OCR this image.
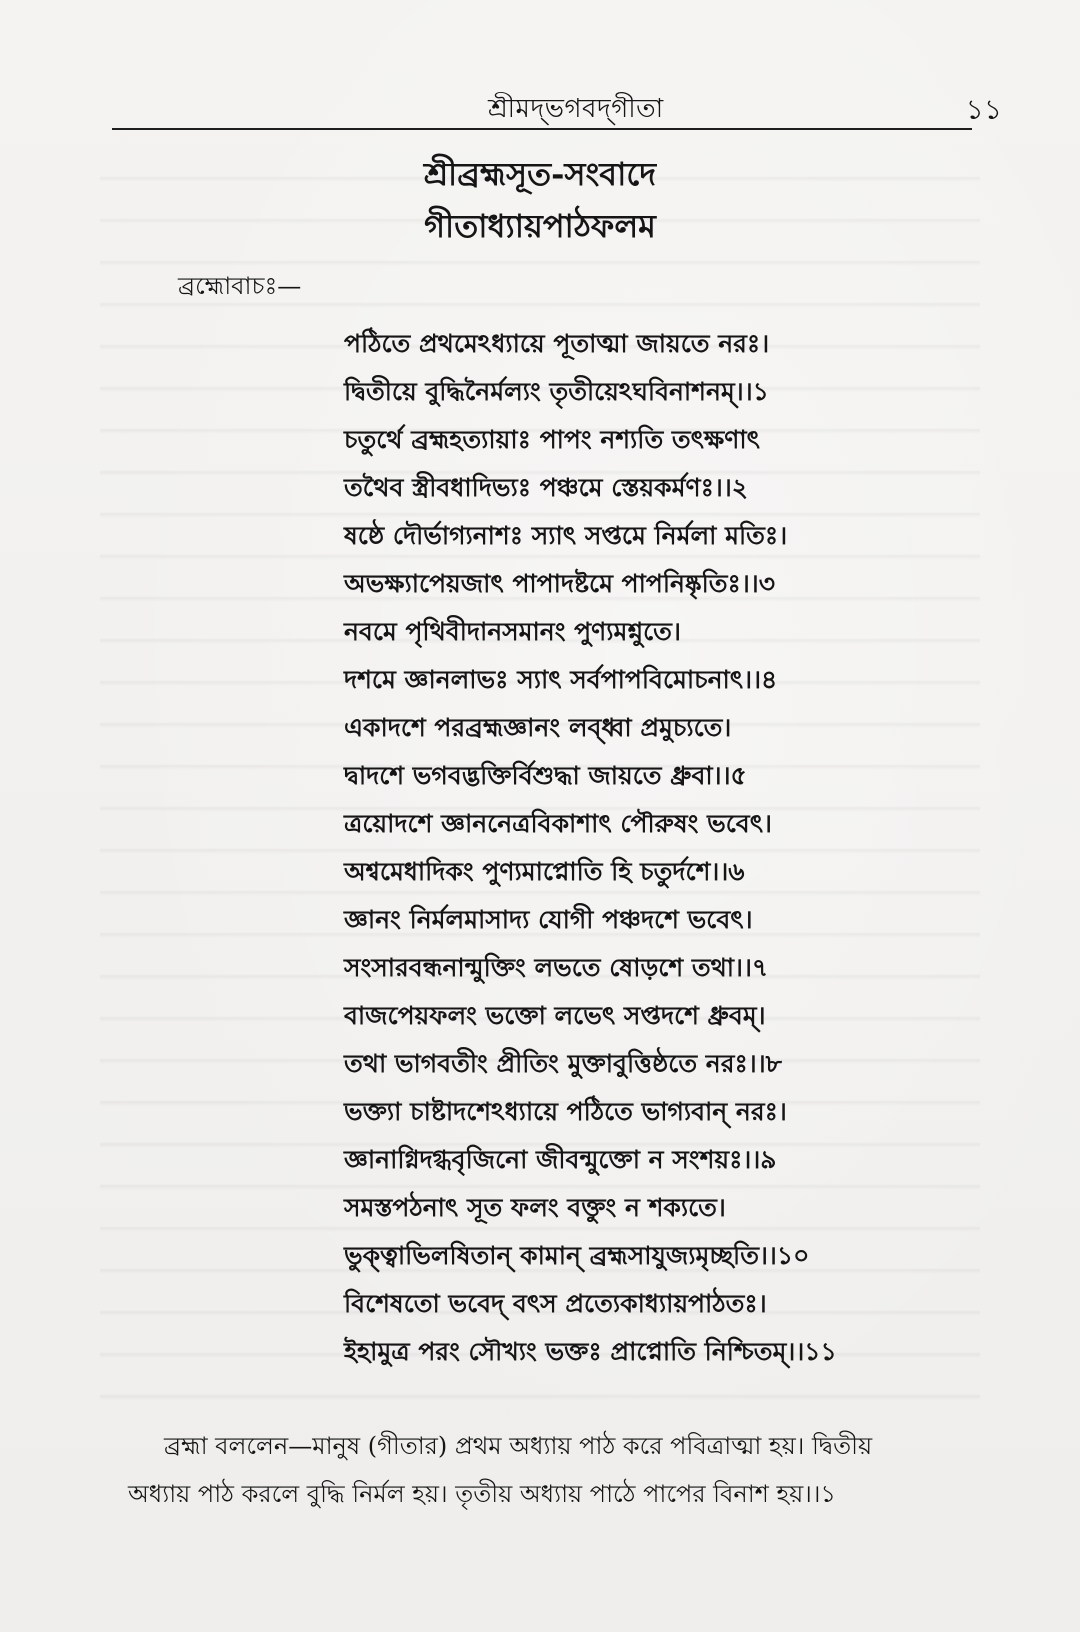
শ্রীমদ্‌ভগবদ্‌গীতা	১১

শ্রীব্রহ্মসূত-সংবাদে

গীতাধ্যায়পাঠফলম

ব্রহ্মোবাচঃ—
পঠিতে প্রথমেঽধ্যায়ে পূতাত্মা জায়তে নরঃ।
দ্বিতীয়ে বুদ্ধিনৈর্মল্যং তৃতীয়েঽঘবিনাশনম্।।১
চতুর্থে ব্রহ্মহত্যায়াঃ পাপং নশ্যতি তৎক্ষণাৎ
তথৈব স্ত্রীবধাদিভ্যঃ পঞ্চমে স্তেয়কর্মণঃ।।২
ষষ্ঠে দৌর্ভাগ্যনাশঃ স্যাৎ সপ্তমে নির্মলা মতিঃ।
অভক্ষ্যাপেয়জাৎ পাপাদষ্টমে পাপনিষ্কৃতিঃ।।৩
নবমে পৃথিবীদানসমানং পুণ্যমশ্নুতে।
দশমে জ্ঞানলাভঃ স্যাৎ সর্বপাপবিমোচনাৎ।।৪
একাদশে পরব্রহ্মজ্ঞানং লব্ধ্বা প্রমুচ্যতে।
দ্বাদশে ভগবদ্ভক্তির্বিশুদ্ধা জায়তে ধ্রুবা।।৫
ত্রয়োদশে জ্ঞাননেত্রবিকাশাৎ পৌরুষং ভবেৎ।
অশ্বমেধাদিকং পুণ্যমাপ্নোতি হি চতুর্দশে।।৬
জ্ঞানং নির্মলমাসাদ্য যোগী পঞ্চদশে ভবেৎ।
সংসারবন্ধনান্মুক্তিং লভতে ষোড়শে তথা।।৭
বাজপেয়ফলং ভক্তো লভেৎ সপ্তদশে ধ্রুবম্।
তথা ভাগবতীং প্রীতিং মুক্তাবুত্তিষ্ঠতে নরঃ।।৮
ভক্ত্যা চাষ্টাদশেঽধ্যায়ে পঠিতে ভাগ্যবান্ নরঃ।
জ্ঞানাগ্নিদগ্ধবৃজিনো জীবন্মুক্তো ন সংশয়ঃ।।৯
সমস্তপঠনাৎ সূত ফলং বক্তুং ন শক্যতে।
ভুক্ত্বাভিলষিতান্ কামান্ ব্রহ্মসাযুজ্যমৃচ্ছতি।।১০
বিশেষতো ভবেদ্ বৎস প্রত্যেকাধ্যায়পাঠতঃ।
ইহামুত্র পরং সৌখ্যং ভক্তঃ প্রাপ্নোতি নিশ্চিতম্।।১১

ব্রহ্মা বললেন—মানুষ (গীতার) প্রথম অধ্যায় পাঠ করে পবিত্রাত্মা হয়। দ্বিতীয়

অধ্যায় পাঠ করলে বুদ্ধি নির্মল হয়। তৃতীয় অধ্যায় পাঠে পাপের বিনাশ হয়।।১
